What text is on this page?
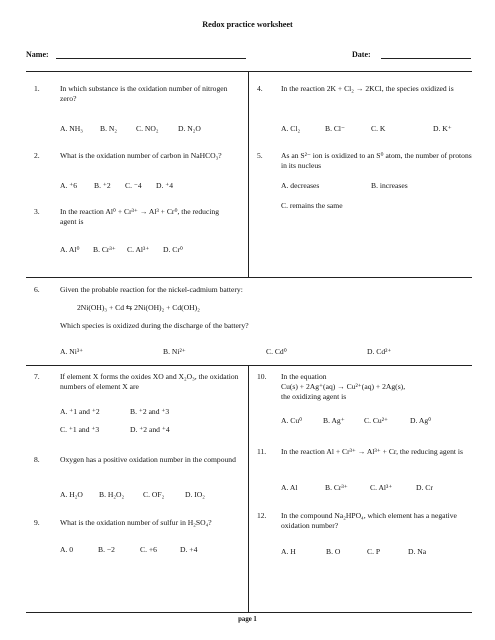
Redox practice worksheet
Name:	Date:
1.	In which substance is the oxidation number of nitrogen zero?
A. NH₃	B. N₂	C. NO₂	D. N₂O
2.	What is the oxidation number of carbon in NaHCO₃?
A. ⁺6	B. ⁺2	C. ⁻4	D. ⁺4
3.	In the reaction Al⁰ + Cr³⁺ → Al³ + Cr⁰, the reducing agent is
A. Al⁰	B. Cr³⁺	C. Al³⁺	D. Cr⁰
4.	In the reaction 2K + Cl₂ → 2KCl, the species oxidized is
A. Cl₂	B. Cl⁻	C. K	D. K⁺
5.	As an S²⁻ ion is oxidized to an S⁰ atom, the number of protons in its nucleus
A. decreases	B. increases
C. remains the same
6.	Given the probable reaction for the nickel-cadmium battery:
2Ni(OH)₃ + Cd ⇆ 2Ni(OH)₂ + Cd(OH)₂
Which species is oxidized during the discharge of the battery?
A. Ni³⁺	B. Ni²⁺	C. Cd⁰	D. Cd²⁺
7.	If element X forms the oxides XO and X₂O₃, the oxidation numbers of element X are
A. ⁺1 and ⁺2	B. ⁺2 and ⁺3
C. ⁺1 and ⁺3	D. ⁺2 and ⁺4
8.	Oxygen has a positive oxidation number in the compound
A. H₂O	B. H₂O₂	C. OF₂	D. IO₂
9.	What is the oxidation number of sulfur in H₂SO₄?
A. 0	B. −2	C. +6	D. +4
10.	In the equation
Cu(s) + 2Ag⁺(aq) → Cu²⁺(aq) + 2Ag(s),
the oxidizing agent is
A. Cu⁰	B. Ag⁺	C. Cu²⁺	D. Ag⁰
11.	In the reaction Al + Cr³⁺ → Al³⁺ + Cr, the reducing agent is
A. Al	B. Cr³⁺	C. Al³⁺	D. Cr
12.	In the compound Na₂HPO₄, which element has a negative oxidation number?
A. H	B. O	C. P	D. Na
page 1
